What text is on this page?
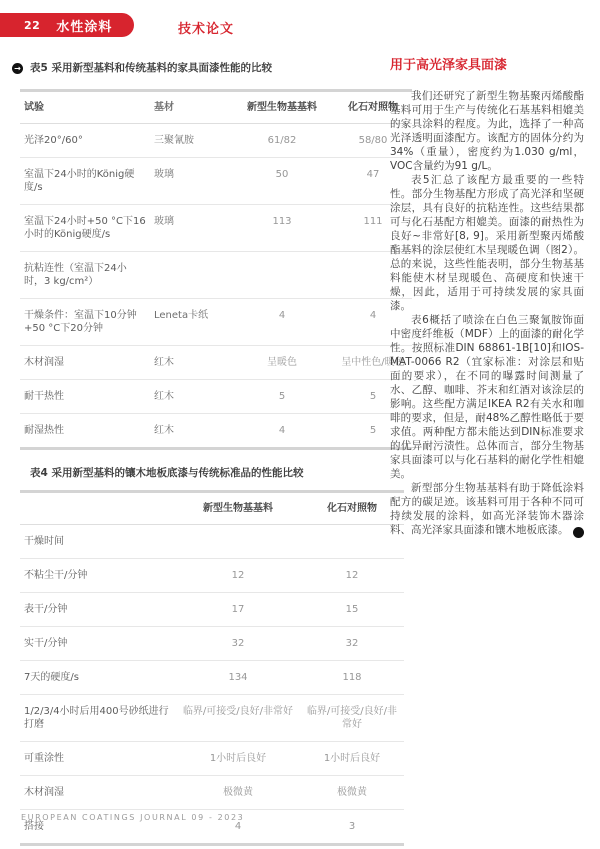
22 水性涂料	技术论文
→ 表5 采用新型基料和传统基料的家具面漆性能的比较
试验	基材	新型生物基基料	化石对照物
光泽20°/60°	三聚氰胺	61/82	58/80
室温下24小时的König硬度/s	玻璃	50	47
室温下24小时+50 °C下16小时的König硬度/s	玻璃	113	111
抗粘连性（室温下24小时，3 kg/cm²）			
干燥条件：室温下10分钟+50 °C下20分钟	Leneta卡纸	4	4
木材润湿	红木	呈暖色	呈中性色/暖色
耐干热性	红木	5	5
耐湿热性	红木	4	5
表4 采用新型基料的镶木地板底漆与传统标准品的性能比较
	新型生物基基料	化石对照物
干燥时间		
不粘尘干/分钟	12	12
表干/分钟	17	15
实干/分钟	32	32
7天的硬度/s	134	118
1/2/3/4小时后用400号砂纸进行打磨	临界/可接受/良好/非常好	临界/可接受/良好/非常好
可重涂性	1小时后良好	1小时后良好
木材润湿	极微黄	极微黄
搭接	4	3
用于高光泽家具面漆

我们还研究了新型生物基聚丙烯酸酯基料可用于生产与传统化石基基料相媲美的家具涂料的程度。为此，选择了一种高光泽透明面漆配方。该配方的固体分约为34%（重量），密度约为1.030 g/ml，VOC含量约为91 g/L。

表5汇总了该配方最重要的一些特性。部分生物基配方形成了高光泽和坚硬涂层，具有良好的抗粘连性。这些结果都可与化石基配方相媲美。面漆的耐热性为良好~非常好[8, 9]。采用新型聚丙烯酸酯基料的涂层使红木呈现暖色调（图2）。总的来说，这些性能表明，部分生物基基料能使木材呈现暖色、高硬度和快速干燥，因此，适用于可持续发展的家具面漆。

表6概括了喷涂在白色三聚氰胺饰面中密度纤维板（MDF）上的面漆的耐化学性。按照标准DIN 68861-1B[10]和IOS-MAT-0066 R2（宜家标准：对涂层和贴面的要求），在不同的曝露时间测量了水、乙醇、咖啡、芥末和红酒对该涂层的影响。这些配方满足IKEA R2有关水和咖啡的要求，但是，耐48%乙醇性略低于要求值。两种配方都未能达到DIN标准要求的优异耐污渍性。总体而言，部分生物基家具面漆可以与化石基料的耐化学性相媲美。

新型部分生物基基料有助于降低涂料配方的碳足迹。该基料可用于各种不同可持续发展的涂料，如高光泽装饰木器涂料、高光泽家具面漆和镶木地板底漆。 ←

EUROPEAN COATINGS JOURNAL 09 - 2023
